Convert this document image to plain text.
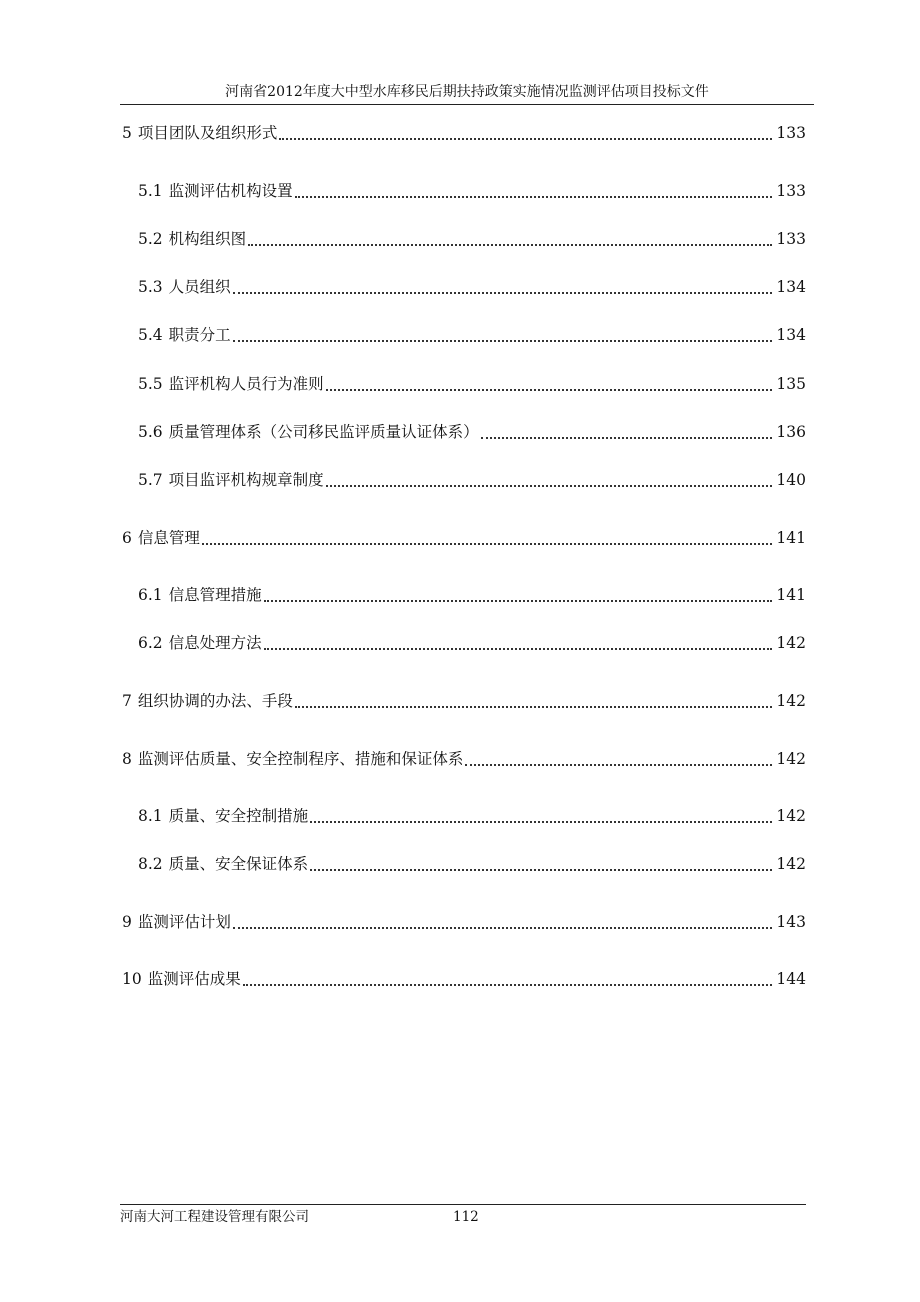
河南省2012年度大中型水库移民后期扶持政策实施情况监测评估项目投标文件
5 项目团队及组织形式	133
5.1 监测评估机构设置	133
5.2 机构组织图	133
5.3 人员组织	134
5.4 职责分工	134
5.5 监评机构人员行为准则	135
5.6 质量管理体系（公司移民监评质量认证体系）	136
5.7 项目监评机构规章制度	140
6 信息管理	141
6.1 信息管理措施	141
6.2 信息处理方法	142
7 组织协调的办法、手段	142
8 监测评估质量、安全控制程序、措施和保证体系	142
8.1 质量、安全控制措施	142
8.2 质量、安全保证体系	142
9 监测评估计划	143
10 监测评估成果	144
河南大河工程建设管理有限公司	112
